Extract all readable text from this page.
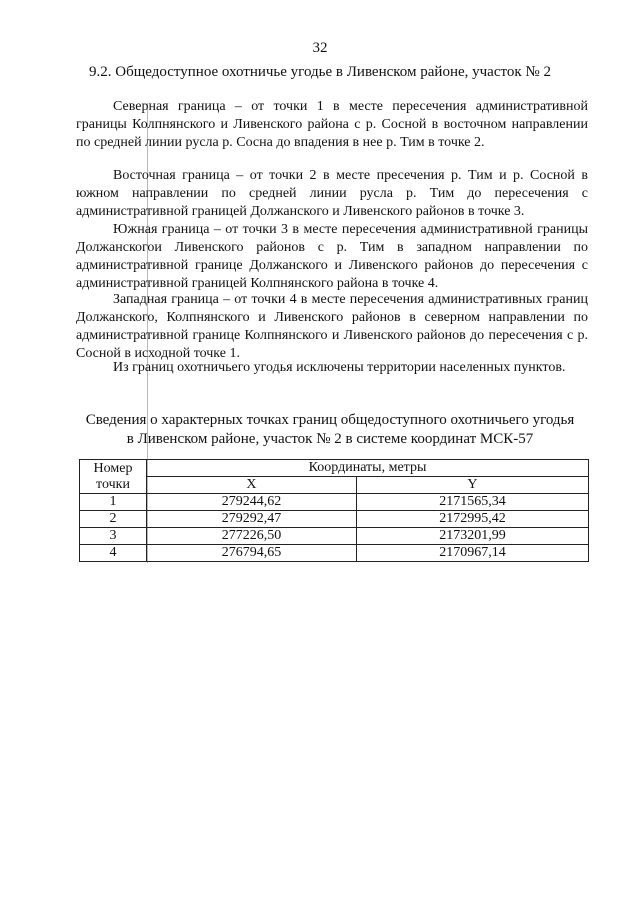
32
9.2. Общедоступное охотничье угодье в Ливенском районе, участок № 2

Северная граница – от точки 1 в месте пересечения административной границы Колпнянского и Ливенского района с р. Сосной в восточном направлении по средней линии русла р. Сосна до впадения в нее р. Тим в точке 2.

Восточная граница – от точки 2 в месте пресечения р. Тим и р. Сосной в южном направлении по средней линии русла р. Тим до пересечения с административной границей Должанского и Ливенского районов в точке 3.

Южная граница – от точки 3 в месте пересечения административной границы Должанскогои Ливенского районов с р. Тим в западном направлении по административной границе Должанского и Ливенского районов до пересечения с административной границей Колпнянского района в точке 4.

Западная граница – от точки 4 в месте пересечения административных границ Должанского, Колпнянского и Ливенского районов в северном направлении по административной границе Колпнянского и Ливенского районов до пересечения с р. Сосной в исходной точке 1.

Из границ охотничьего угодья исключены территории населенных пунктов.

Сведения о характерных точках границ общедоступного охотничьего угодья
в Ливенском районе, участок № 2 в системе координат МСК-57
Номер
точки	Координаты, метры	
	X	Y
1	279244,62	2171565,34
2	279292,47	2172995,42
3	277226,50	2173201,99
4	276794,65	2170967,14
